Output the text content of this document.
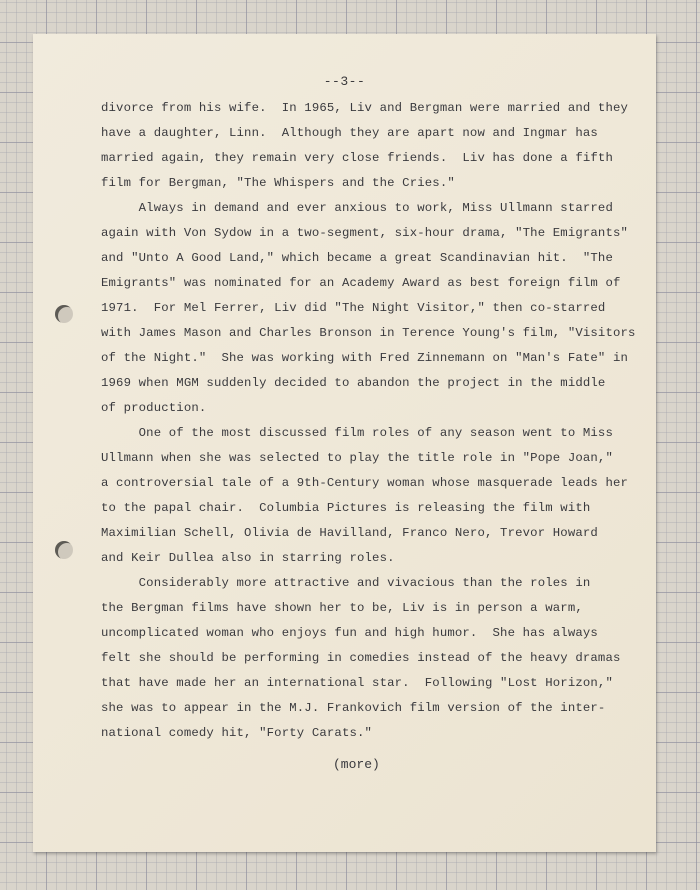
--3--
divorce from his wife.  In 1965, Liv and Bergman were married and they
have a daughter, Linn.  Although they are apart now and Ingmar has
married again, they remain very close friends.  Liv has done a fifth
film for Bergman, "The Whispers and the Cries."
Always in demand and ever anxious to work, Miss Ullmann starred
again with Von Sydow in a two-segment, six-hour drama, "The Emigrants"
and "Unto A Good Land," which became a great Scandinavian hit.  "The
Emigrants" was nominated for an Academy Award as best foreign film of
1971.  For Mel Ferrer, Liv did "The Night Visitor," then co-starred
with James Mason and Charles Bronson in Terence Young's film, "Visitors
of the Night."  She was working with Fred Zinnemann on "Man's Fate" in
1969 when MGM suddenly decided to abandon the project in the middle
of production.
One of the most discussed film roles of any season went to Miss
Ullmann when she was selected to play the title role in "Pope Joan,"
a controversial tale of a 9th-Century woman whose masquerade leads her
to the papal chair.  Columbia Pictures is releasing the film with
Maximilian Schell, Olivia de Havilland, Franco Nero, Trevor Howard
and Keir Dullea also in starring roles.
Considerably more attractive and vivacious than the roles in
the Bergman films have shown her to be, Liv is in person a warm,
uncomplicated woman who enjoys fun and high humor.  She has always
felt she should be performing in comedies instead of the heavy dramas
that have made her an international star.  Following "Lost Horizon,"
she was to appear in the M.J. Frankovich film version of the inter-
national comedy hit, "Forty Carats."
(more)
